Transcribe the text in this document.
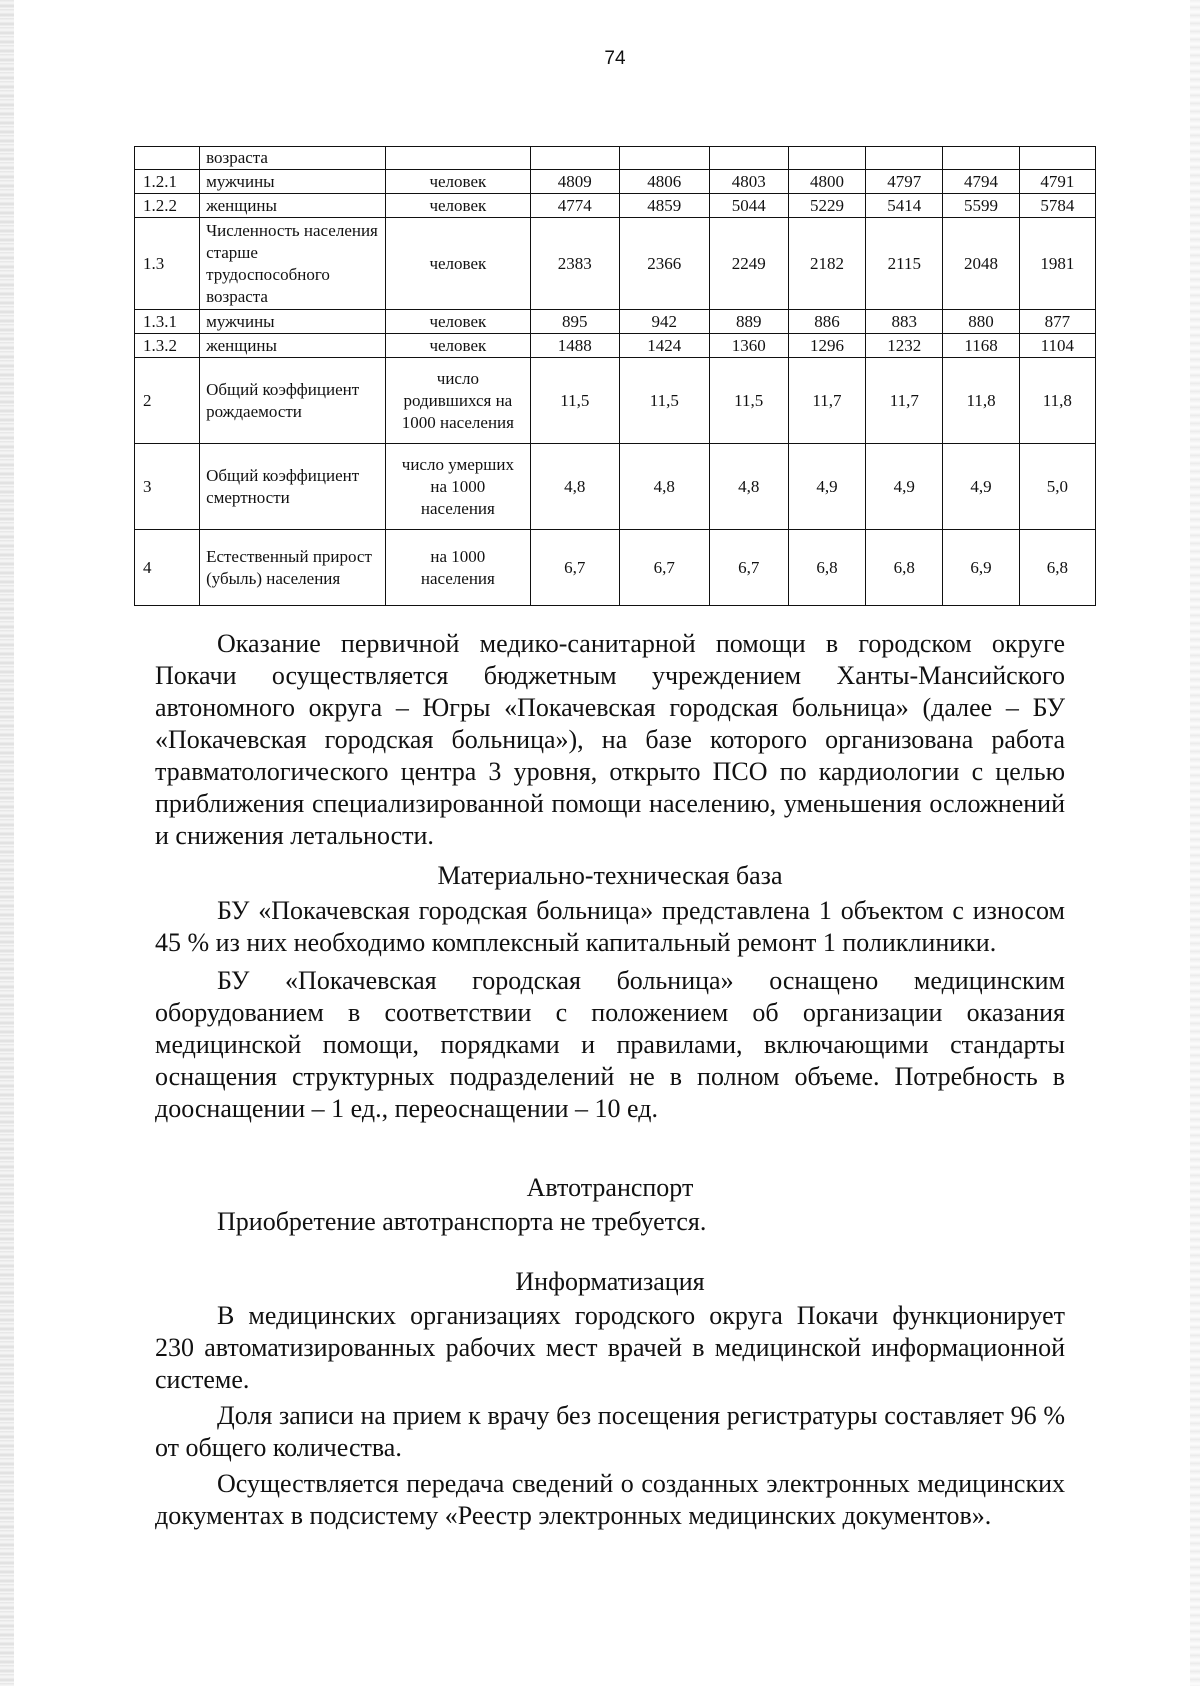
74
	возраста								
1.2.1	мужчины	человек	4809	4806	4803	4800	4797	4794	4791
1.2.2	женщины	человек	4774	4859	5044	5229	5414	5599	5784
1.3	Численность населения старше трудоспособного возраста	человек	2383	2366	2249	2182	2115	2048	1981
1.3.1	мужчины	человек	895	942	889	886	883	880	877
1.3.2	женщины	человек	1488	1424	1360	1296	1232	1168	1104
2	Общий коэффициент рождаемости	число родившихся на 1000 населения	11,5	11,5	11,5	11,7	11,7	11,8	11,8
3	Общий коэффициент смертности	число умерших на 1000 населения	4,8	4,8	4,8	4,9	4,9	4,9	5,0
4	Естественный прирост (убыль) населения	на 1000 населения	6,7	6,7	6,7	6,8	6,8	6,9	6,8

Оказание первичной медико-санитарной помощи в городском округе Покачи осуществляется бюджетным учреждением Ханты-Мансийского автономного округа – Югры «Покачевская городская больница» (далее – БУ «Покачевская городская больница»), на базе которого организована работа травматологического центра 3 уровня, открыто ПСО по кардиологии с целью приближения специализированной помощи населению, уменьшения осложнений и снижения летальности.

Материально-техническая база

БУ «Покачевская городская больница» представлена 1 объектом с износом 45 % из них необходимо комплексный капитальный ремонт 1 поликлиники.

БУ «Покачевская городская больница» оснащено медицинским оборудованием в соответствии с положением об организации оказания медицинской помощи, порядками и правилами, включающими стандарты оснащения структурных подразделений не в полном объеме. Потребность в дооснащении – 1 ед., переоснащении – 10 ед.

Автотранспорт

Приобретение автотранспорта не требуется.

Информатизация

В медицинских организациях городского округа Покачи функционирует 230 автоматизированных рабочих мест врачей в медицинской информационной системе.

Доля записи на прием к врачу без посещения регистратуры составляет 96 % от общего количества.

Осуществляется передача сведений о созданных электронных медицинских документах в подсистему «Реестр электронных медицинских документов».
